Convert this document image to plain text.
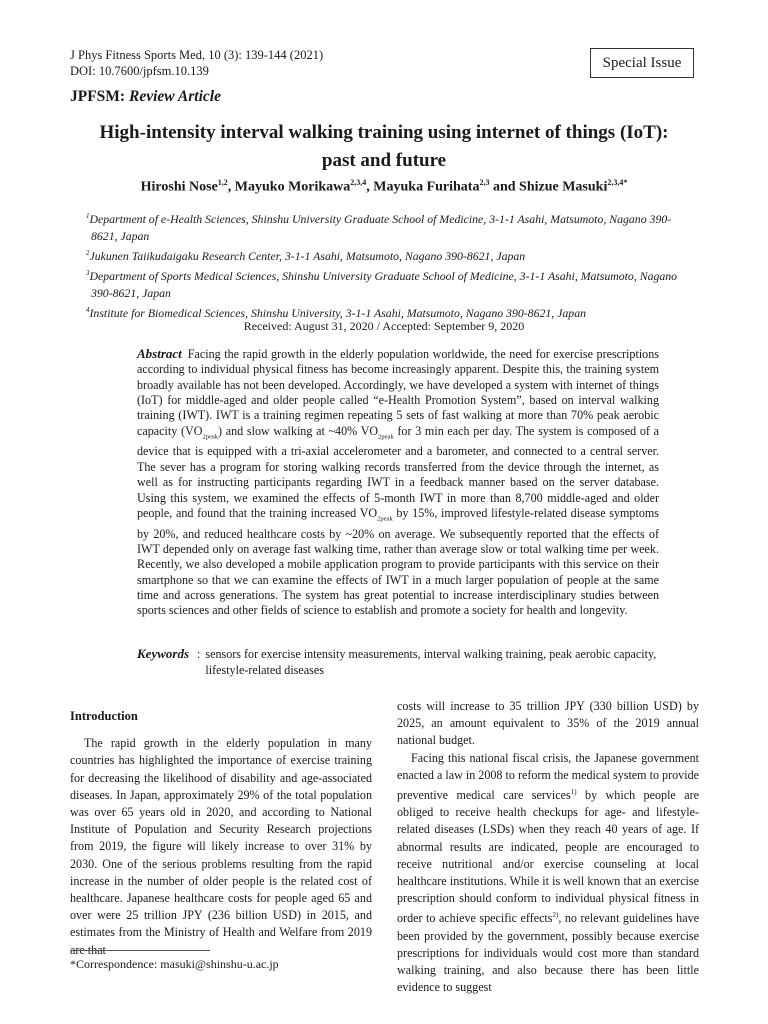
J Phys Fitness Sports Med, 10 (3): 139-144 (2021)
DOI: 10.7600/jpfsm.10.139	Special Issue
JPFSM: Review Article
High-intensity interval walking training using internet of things (IoT):
past and future
Hiroshi Nose$^{1,2}$, Mayuko Morikawa$^{2,3,4}$, Mayuka Furihata$^{2,3}$ and Shizue Masuki$^{2,3,4*}$

$^1$Department of e-Health Sciences, Shinshu University Graduate School of Medicine, 3-1-1 Asahi, Matsumoto, Nagano 390-8621, Japan

$^2$Jukunen Taiikudaigaku Research Center, 3-1-1 Asahi, Matsumoto, Nagano 390-8621, Japan

$^3$Department of Sports Medical Sciences, Shinshu University Graduate School of Medicine, 3-1-1 Asahi, Matsumoto, Nagano 390-8621, Japan

$^4$Institute for Biomedical Sciences, Shinshu University, 3-1-1 Asahi, Matsumoto, Nagano 390-8621, Japan

Received: August 31, 2020 / Accepted: September 9, 2020
Abstract Facing the rapid growth in the elderly population worldwide, the need for exercise prescriptions according to individual physical fitness has become increasingly apparent. Despite this, the training system broadly available has not been developed. Accordingly, we have developed a system with internet of things (IoT) for middle-aged and older people called “e-Health Promotion System”, based on interval walking training (IWT). IWT is a training regimen repeating 5 sets of fast walking at more than 70% peak aerobic capacity $(VO_{2peak})$ and slow walking at ~40% $VO_{2peak}$ for 3 min each per day. The system is composed of a device that is equipped with a tri-axial accelerometer and a barometer, and connected to a central server. The sever has a program for storing walking records transferred from the device through the internet, as well as for instructing participants regarding IWT in a feedback manner based on the server database. Using this system, we examined the effects of 5-month IWT in more than 8,700 middle-aged and older people, and found that the training increased $VO_{2peak}$ by 15%, improved lifestyle-related disease symptoms by 20%, and reduced healthcare costs by ~20% on average. We subsequently reported that the effects of IWT depended only on average fast walking time, rather than average slow or total walking time per week. Recently, we also developed a mobile application program to provide participants with this service on their smartphone so that we can examine the effects of IWT in a much larger population of people at the same time and across generations. The system has great potential to increase interdisciplinary studies between sports sciences and other fields of science to establish and promote a society for health and longevity.
Keywords : sensors for exercise intensity measurements, interval walking training, peak aerobic capacity, lifestyle-related diseases
Introduction

The rapid growth in the elderly population in many countries has highlighted the importance of exercise training for decreasing the likelihood of disability and age-associated diseases. In Japan, approximately 29% of the total population was over 65 years old in 2020, and according to National Institute of Population and Security Research projections from 2019, the figure will likely increase to over 31% by 2030. One of the serious problems resulting from the rapid increase in the number of older people is the related cost of healthcare. Japanese healthcare costs for people aged 65 and over were 25 trillion JPY (236 billion USD) in 2015, and estimates from the Ministry of Health and Welfare from 2019 are that

costs will increase to 35 trillion JPY (330 billion USD) by 2025, an amount equivalent to 35% of the 2019 annual national budget.

Facing this national fiscal crisis, the Japanese government enacted a law in 2008 to reform the medical system to provide preventive medical care services$^{1)}$ by which people are obliged to receive health checkups for age- and lifestyle-related diseases (LSDs) when they reach 40 years of age. If abnormal results are indicated, people are encouraged to receive nutritional and/or exercise counseling at local healthcare institutions. While it is well known that an exercise prescription should conform to individual physical fitness in order to achieve specific effects$^{2)}$, no relevant guidelines have been provided by the government, possibly because exercise prescriptions for individuals would cost more than standard walking training, and also because there has been little evidence to suggest

*Correspondence: masuki@shinshu-u.ac.jp
